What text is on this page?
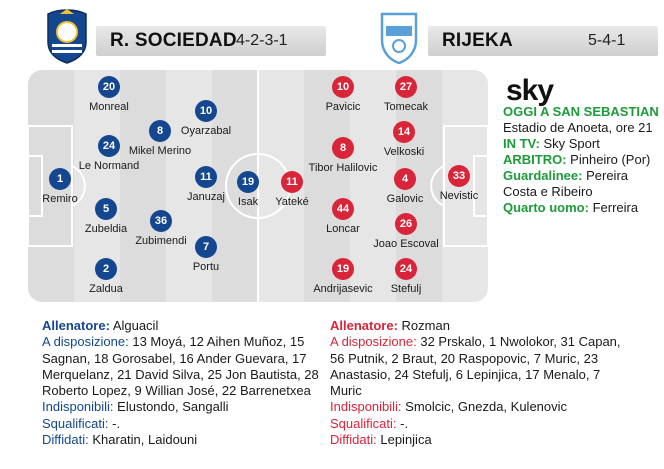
R. SOCIEDAD 4-2-3-1	RIJEKA	5-4-1
1
Remiro
20
Monreal
24
Le Normand
5
Zubeldia
2
Zaldua
8
Mikel Merino
36
Zubimendi
10
Oyarzabal
11
Januzaj
7
Portu
19
Isak
11
Yateké
10
Pavicic
8
Tibor Halilovic
44
Loncar
19
Andrijasevic
27
Tomecak
14
Velkoski
4
Galovic
26
Joao Escoval
24
Stefulj
33
Nevistic
sky
OGGI A SAN SEBASTIAN
Estadio de Anoeta, ore 21
IN TV: Sky Sport
ARBITRO: Pinheiro (Por)
Guardalinee: Pereira Costa e Ribeiro
Quarto uomo: Ferreira
Allenatore: Alguacil
A disposizione: 13 Moyá, 12 Aihen Muñoz, 15 Sagnan, 18 Gorosabel, 16 Ander Guevara, 17 Merquelanz, 21 David Silva, 25 Jon Bautista, 28 Roberto Lopez, 9 Willian José, 22 Barrenetxea
Indisponibili: Elustondo, Sangalli
Squalificati: -.
Diffidati: Kharatin, Laidouni
Allenatore: Rozman
A disposizione: 32 Prskalo, 1 Nwolokor, 31 Capan, 56 Putnik, 2 Braut, 20 Raspopovic, 7 Muric, 23 Anastasio, 24 Stefulj, 6 Lepinjica, 17 Menalo, 7 Muric
Indisponibili: Smolcic, Gnezda, Kulenovic
Squalificati: -.
Diffidati: Lepinjica
